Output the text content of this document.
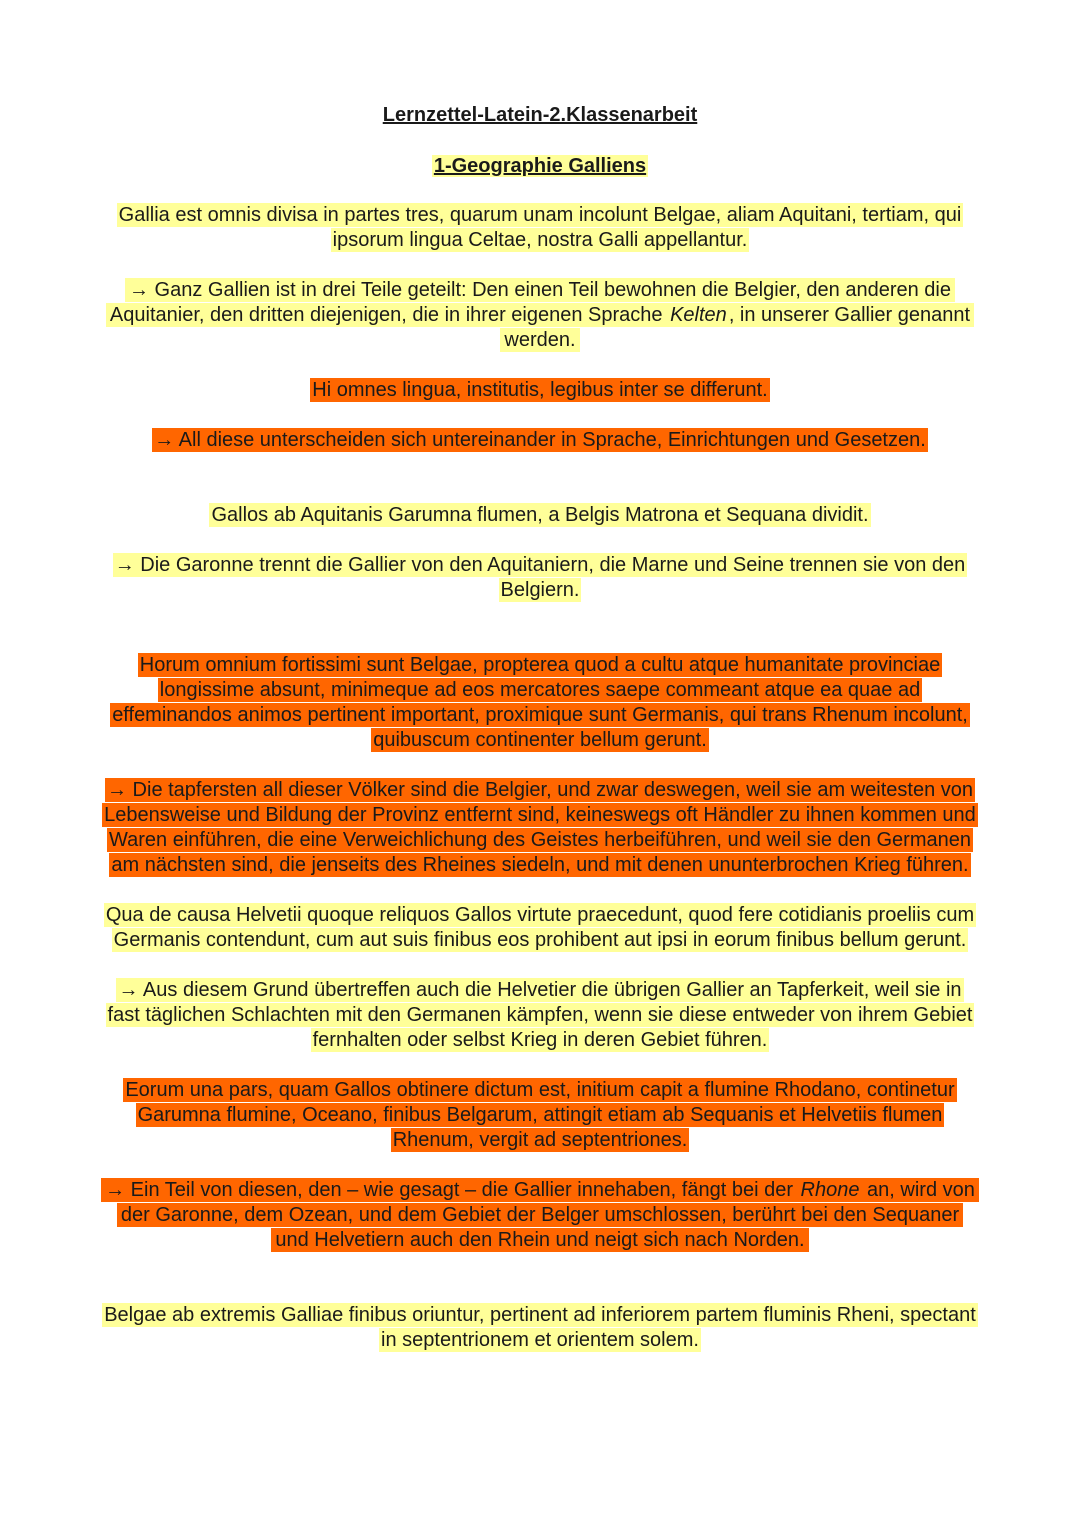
Lernzettel-Latein-2.Klassenarbeit

1-Geographie Galliens

Gallia est omnis divisa in partes tres, quarum unam incolunt Belgae, aliam Aquitani, tertiam, qui ipsorum lingua Celtae, nostra Galli appellantur.

→ Ganz Gallien ist in drei Teile geteilt: Den einen Teil bewohnen die Belgier, den anderen die Aquitanier, den dritten diejenigen, die in ihrer eigenen Sprache Kelten , in unserer Gallier genannt werden.

Hi omnes lingua, institutis, legibus inter se differunt.

→ All diese unterscheiden sich untereinander in Sprache, Einrichtungen und Gesetzen.

Gallos ab Aquitanis Garumna flumen, a Belgis Matrona et Sequana dividit.

→ Die Garonne trennt die Gallier von den Aquitaniern, die Marne und Seine trennen sie von den Belgiern.

Horum omnium fortissimi sunt Belgae, propterea quod a cultu atque humanitate provinciae longissime absunt, minimeque ad eos mercatores saepe commeant atque ea quae ad effeminandos animos pertinent important, proximique sunt Germanis, qui trans Rhenum incolunt, quibuscum continenter bellum gerunt.

→ Die tapfersten all dieser Völker sind die Belgier, und zwar deswegen, weil sie am weitesten von Lebensweise und Bildung der Provinz entfernt sind, keineswegs oft Händler zu ihnen kommen und Waren einführen, die eine Verweichlichung des Geistes herbeiführen, und weil sie den Germanen am nächsten sind, die jenseits des Rheines siedeln, und mit denen ununterbrochen Krieg führen.

Qua de causa Helvetii quoque reliquos Gallos virtute praecedunt, quod fere cotidianis proeliis cum Germanis contendunt, cum aut suis finibus eos prohibent aut ipsi in eorum finibus bellum gerunt.

→ Aus diesem Grund übertreffen auch die Helvetier die übrigen Gallier an Tapferkeit, weil sie in fast täglichen Schlachten mit den Germanen kämpfen, wenn sie diese entweder von ihrem Gebiet fernhalten oder selbst Krieg in deren Gebiet führen.

Eorum una pars, quam Gallos obtinere dictum est, initium capit a flumine Rhodano, continetur Garumna flumine, Oceano, finibus Belgarum, attingit etiam ab Sequanis et Helvetiis flumen Rhenum, vergit ad septentriones.

→ Ein Teil von diesen, den – wie gesagt – die Gallier innehaben, fängt bei der Rhone an, wird von der Garonne, dem Ozean, und dem Gebiet der Belger umschlossen, berührt bei den Sequaner und Helvetiern auch den Rhein und neigt sich nach Norden.

Belgae ab extremis Galliae finibus oriuntur, pertinent ad inferiorem partem fluminis Rheni, spectant in septentrionem et orientem solem.
